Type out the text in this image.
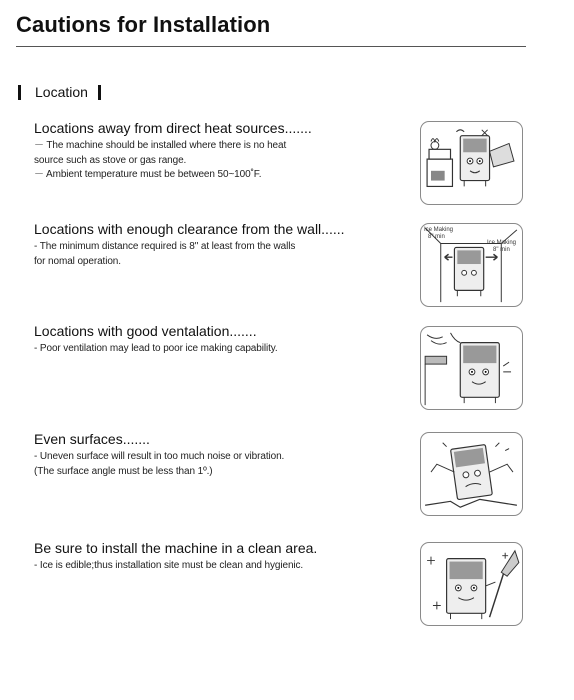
Cautions for Installation
Location
Locations away from direct heat sources.......
－ The machine should be installed where there is no heat
source such as stove or gas range.
－ Ambient temperature must be between 50~100˚F.
Locations with enough clearance from the wall......
- The minimum distance required is 8" at least from the walls
for nomal operation.
Ice Making
8" min
Ice Making
8" min
Locations with good ventalation.......
- Poor ventilation may lead to poor ice making capability.
Even surfaces.......
- Uneven surface will result in too much noise or vibration.
(The surface angle must be less than 1º.)
Be sure to install the machine in a clean area.
- Ice is edible;thus installation site must be clean and hygienic.
